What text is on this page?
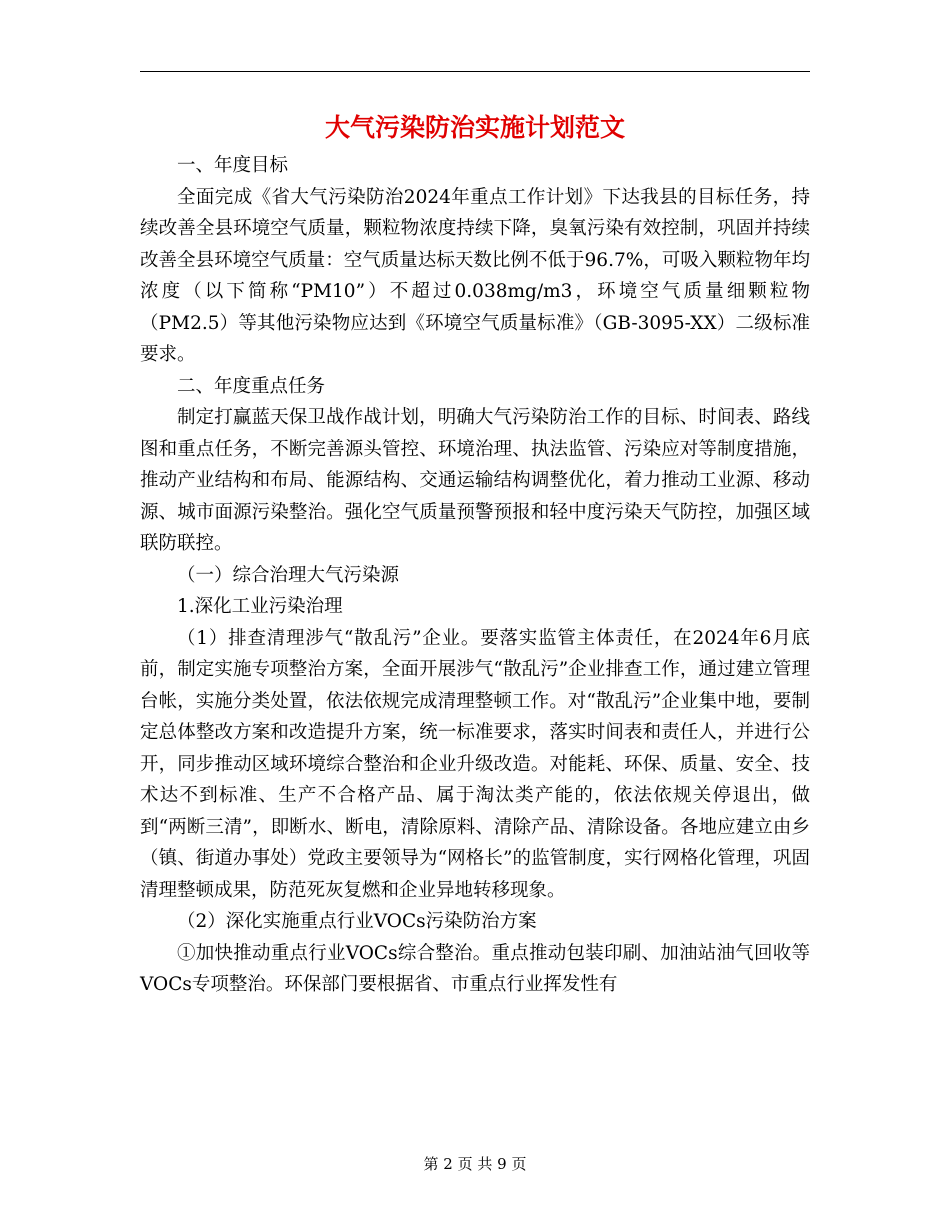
大气污染防治实施计划范文

一、年度目标

全面完成《省大气污染防治2024年重点工作计划》下达我县的目标任务，持续改善全县环境空气质量，颗粒物浓度持续下降，臭氧污染有效控制，巩固并持续改善全县环境空气质量：空气质量达标天数比例不低于96.7%，可吸入颗粒物年均浓度（以下简称“PM10”）不超过0.038mg/m3，环境空气质量细颗粒物（PM2.5）等其他污染物应达到《环境空气质量标准》（GB-3095-XX）二级标准要求。

二、年度重点任务

制定打赢蓝天保卫战作战计划，明确大气污染防治工作的目标、时间表、路线图和重点任务，不断完善源头管控、环境治理、执法监管、污染应对等制度措施，推动产业结构和布局、能源结构、交通运输结构调整优化，着力推动工业源、移动源、城市面源污染整治。强化空气质量预警预报和轻中度污染天气防控，加强区域联防联控。

（一）综合治理大气污染源

1.深化工业污染治理

（1）排查清理涉气“散乱污”企业。要落实监管主体责任，在2024年6月底前，制定实施专项整治方案，全面开展涉气“散乱污”企业排查工作，通过建立管理台帐，实施分类处置，依法依规完成清理整顿工作。对“散乱污”企业集中地，要制定总体整改方案和改造提升方案，统一标准要求，落实时间表和责任人，并进行公开，同步推动区域环境综合整治和企业升级改造。对能耗、环保、质量、安全、技术达不到标准、生产不合格产品、属于淘汰类产能的，依法依规关停退出，做到“两断三清”，即断水、断电，清除原料、清除产品、清除设备。各地应建立由乡（镇、街道办事处）党政主要领导为“网格长”的监管制度，实行网格化管理，巩固清理整顿成果，防范死灰复燃和企业异地转移现象。

（2）深化实施重点行业VOCs污染防治方案

①加快推动重点行业VOCs综合整治。重点推动包装印刷、加油站油气回收等VOCs专项整治。环保部门要根据省、市重点行业挥发性有

第 2 页 共 9 页
